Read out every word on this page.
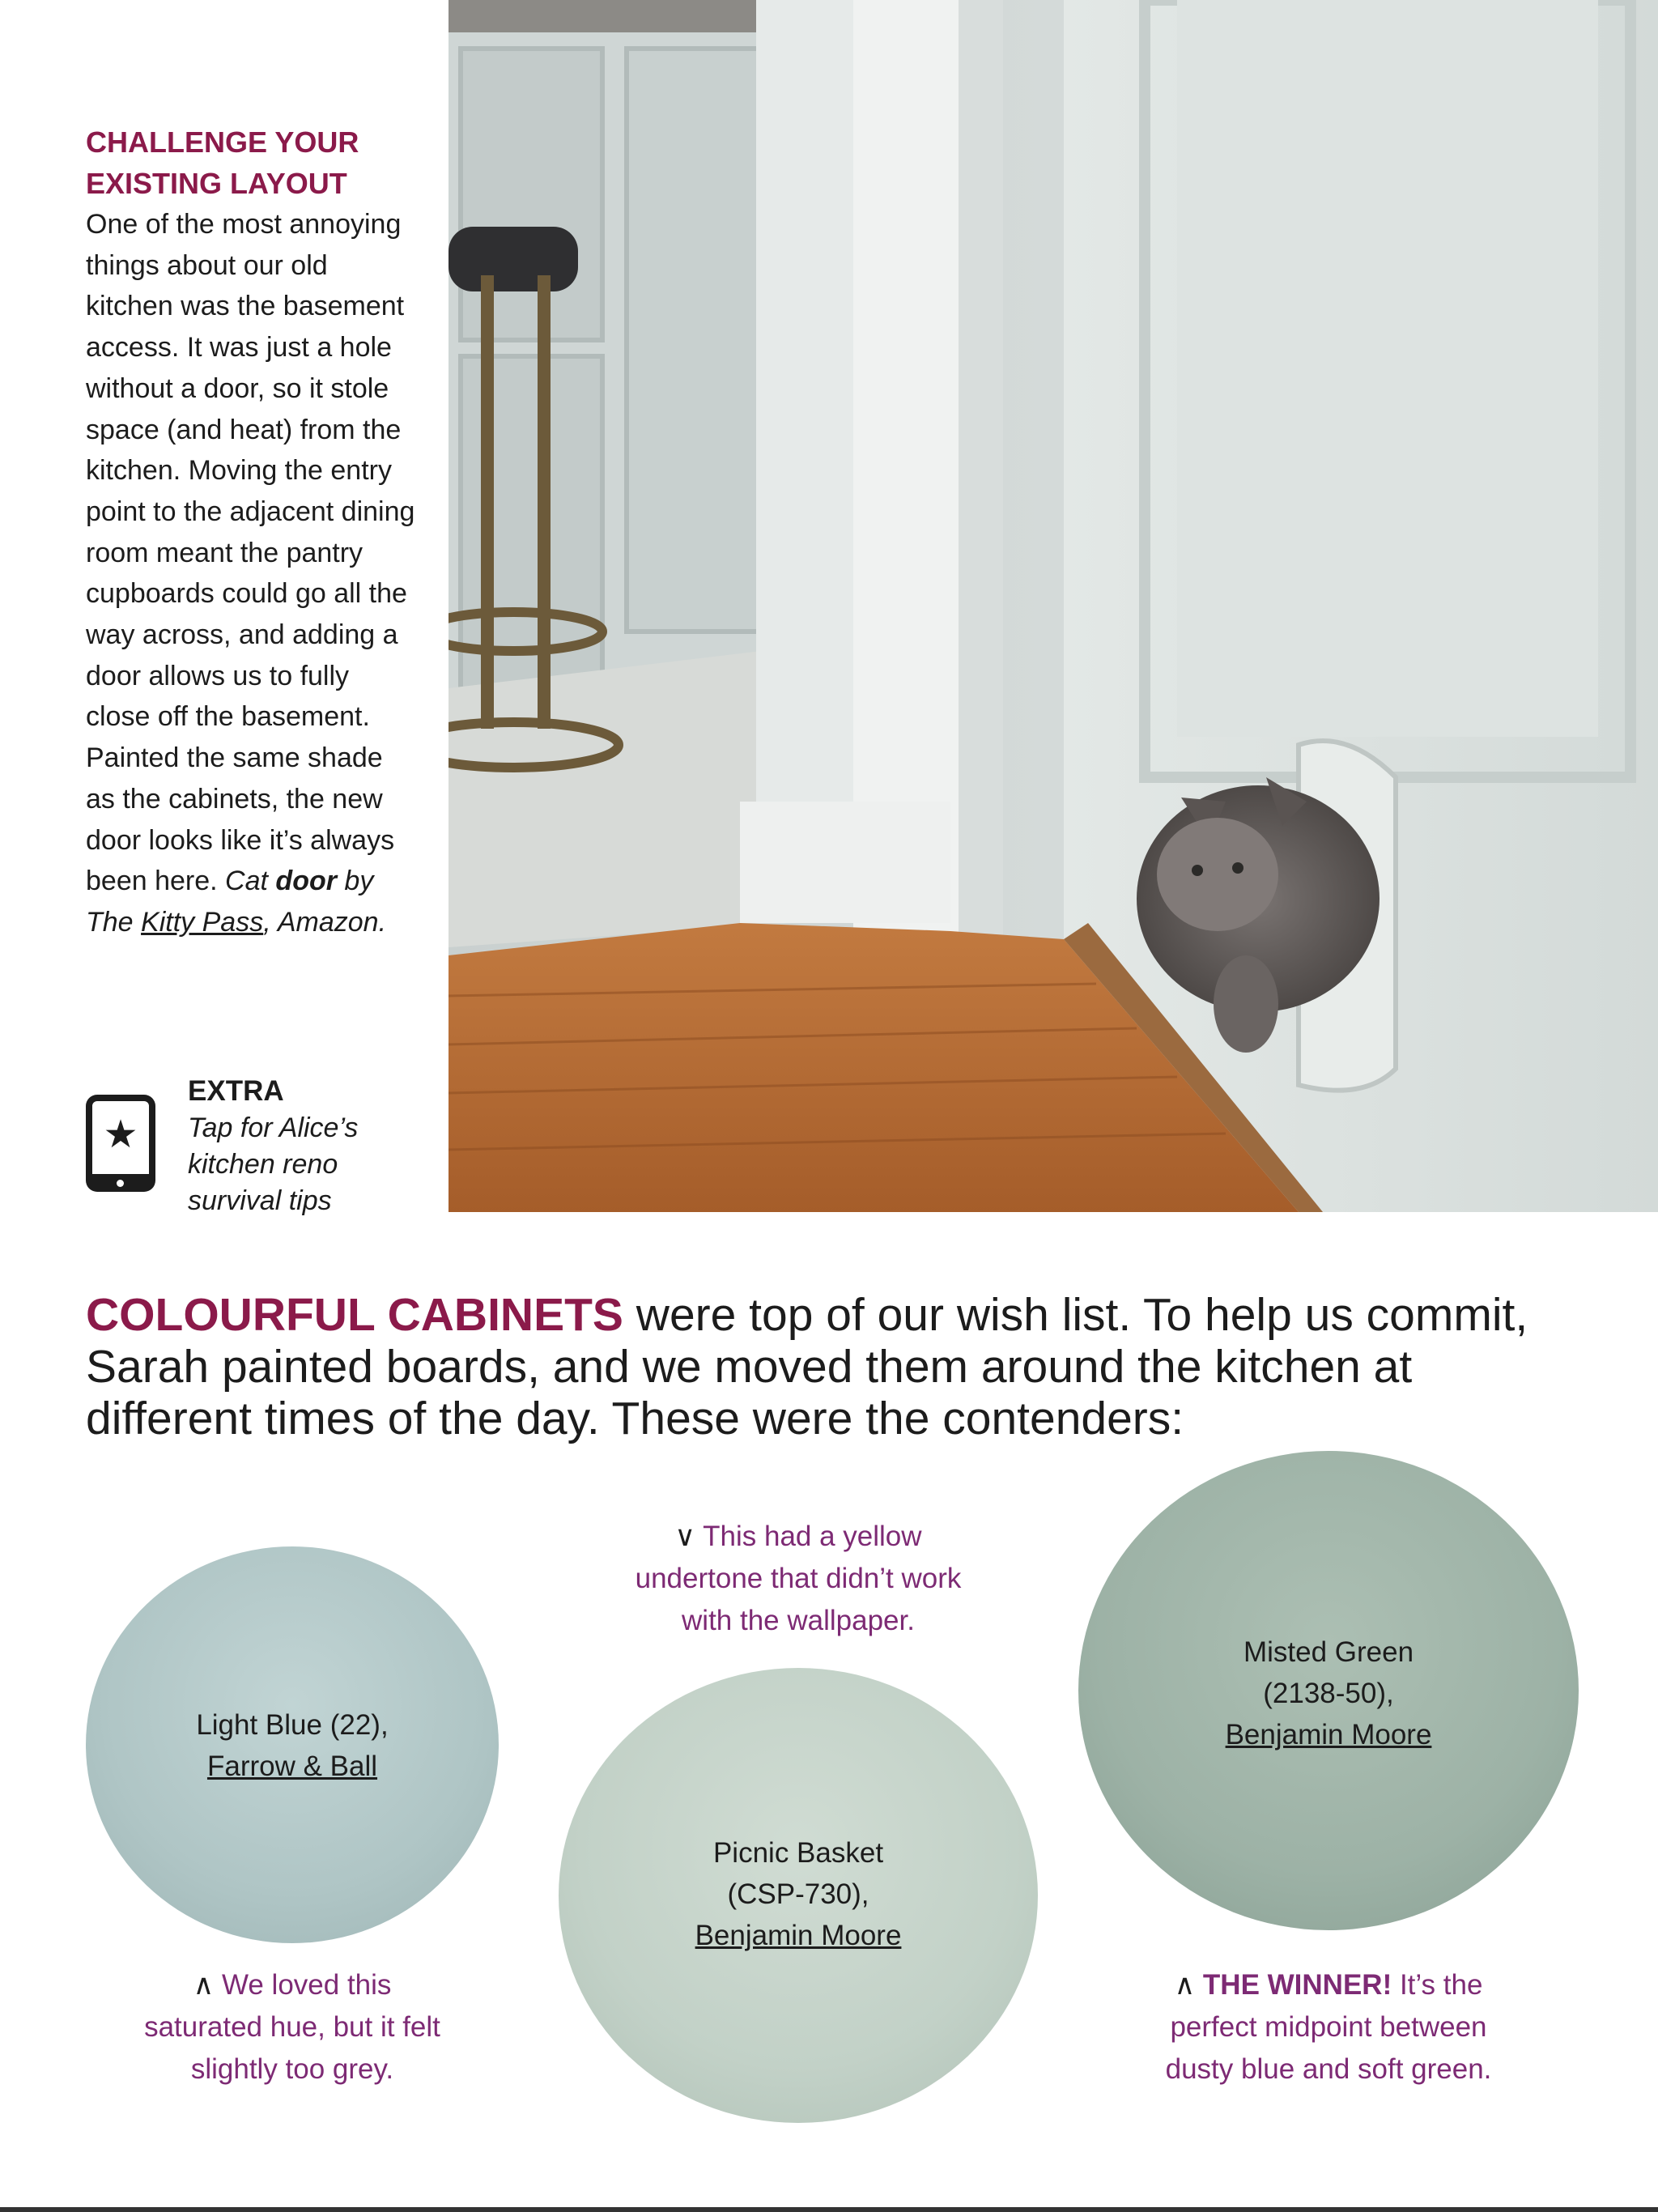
CHALLENGE YOUR EXISTING LAYOUT

One of the most annoying things about our old kitchen was the basement access. It was just a hole without a door, so it stole space (and heat) from the kitchen. Moving the entry point to the adjacent dining room meant the pantry cupboards could go all the way across, and adding a door allows us to fully close off the basement. Painted the same shade as the cabinets, the new door looks like it’s always been here. Cat door by The Kitty Pass, Amazon.

★
EXTRA
Tap for Alice’s kitchen reno survival tips

COLOURFUL CABINETS were top of our wish list. To help us commit, Sarah painted boards, and we moved them around the kitchen at different times of the day. These were the contenders:

Light Blue (22),
Farrow & Ball
∧ We loved this saturated hue, but it felt slightly too grey.
∨ This had a yellow undertone that didn’t work with the wallpaper.
Picnic Basket
(CSP-730),
Benjamin Moore
Misted Green
(2138-50),
Benjamin Moore
∧ THE WINNER! It’s the perfect midpoint between dusty blue and soft green.
